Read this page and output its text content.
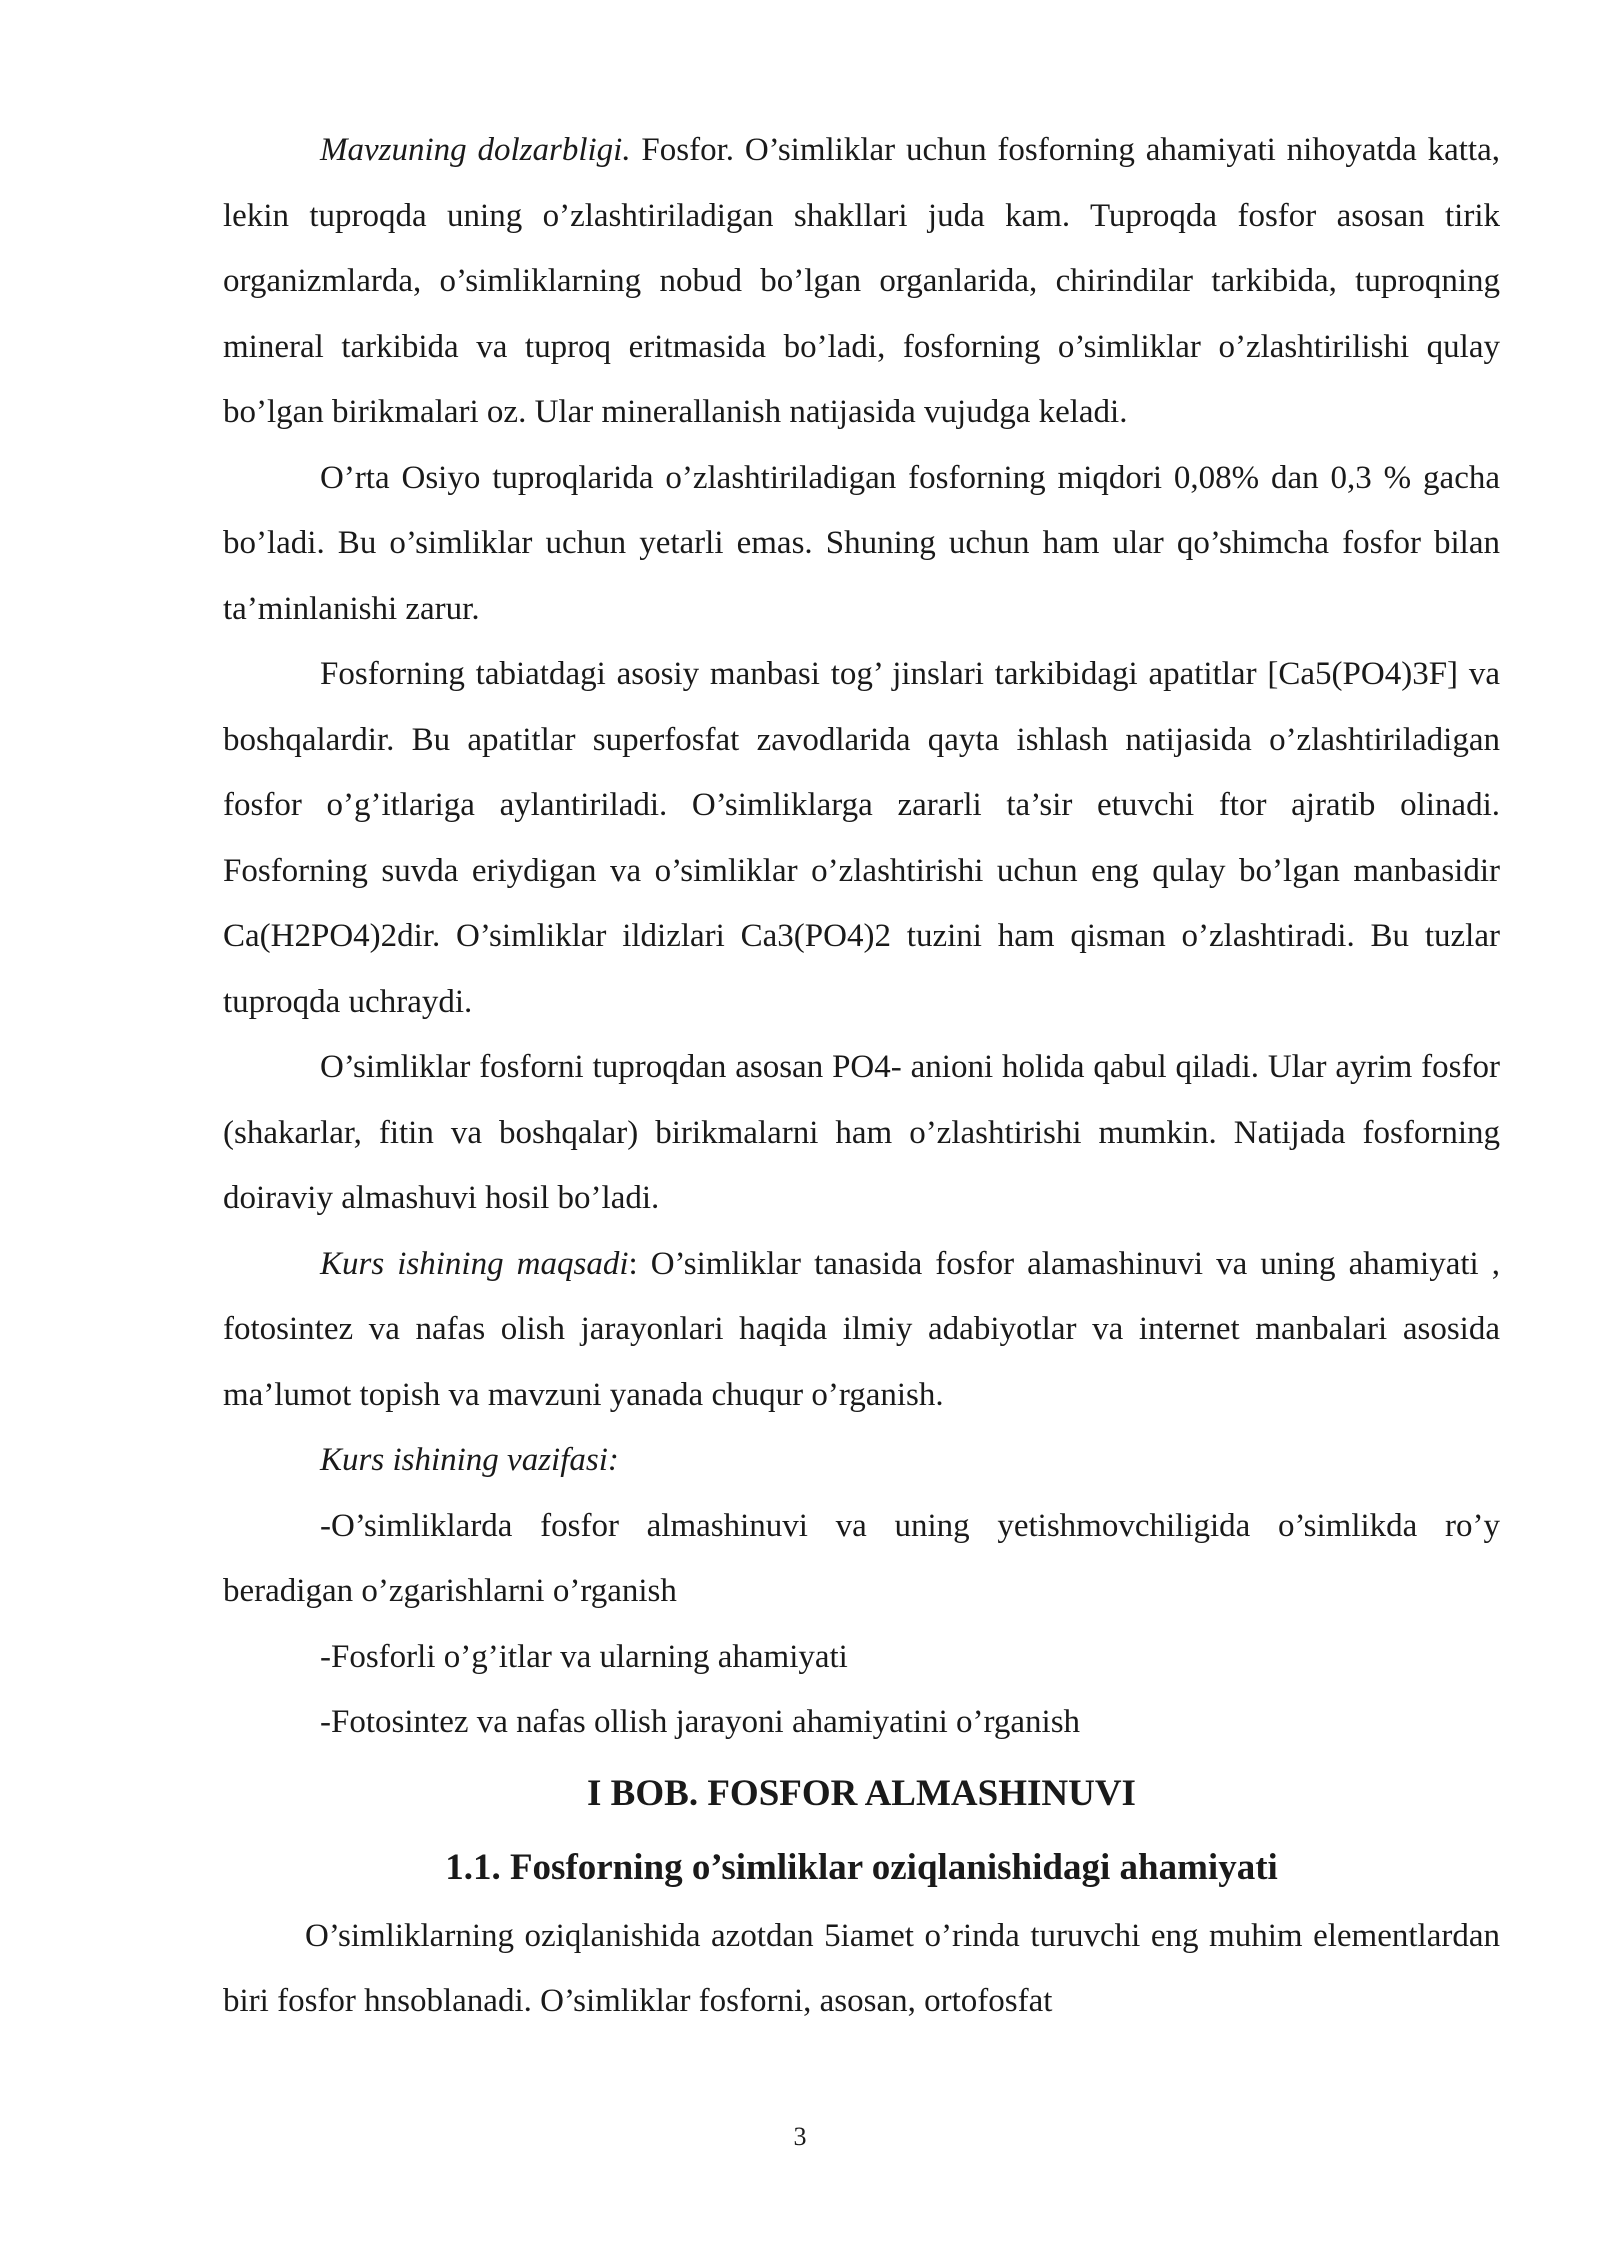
Mavzuning dolzarbligi. Fosfor. O’simliklar uchun fosforning ahamiyati nihoyatda katta, lekin tuproqda uning o’zlashtiriladigan shakllari juda kam. Tuproqda fosfor asosan tirik organizmlarda, o’simliklarning nobud bo’lgan organlarida, chirindilar tarkibida, tuproqning mineral tarkibida va tuproq eritmasida bo’ladi, fosforning o’simliklar o’zlashtirilishi qulay bo’lgan birikmalari oz. Ular minerallanish natijasida vujudga keladi.

O’rta Osiyo tuproqlarida o’zlashtiriladigan fosforning miqdori 0,08% dan 0,3 % gacha bo’ladi. Bu o’simliklar uchun yetarli emas. Shuning uchun ham ular qo’shimcha fosfor bilan ta’minlanishi zarur.

Fosforning tabiatdagi asosiy manbasi tog’ jinslari tarkibidagi apatitlar [Ca5(PO4)3F] va boshqalardir. Bu apatitlar superfosfat zavodlarida qayta ishlash natijasida o’zlashtiriladigan fosfor o’g’itlariga aylantiriladi. O’simliklarga zararli ta’sir etuvchi ftor ajratib olinadi. Fosforning suvda eriydigan va o’simliklar o’zlashtirishi uchun eng qulay bo’lgan manbasidir Ca(H2PO4)2dir. O’simliklar ildizlari Ca3(PO4)2 tuzini ham qisman o’zlashtiradi. Bu tuzlar tuproqda uchraydi.

O’simliklar fosforni tuproqdan asosan PO4- anioni holida qabul qiladi. Ular ayrim fosfor (shakarlar, fitin va boshqalar) birikmalarni ham o’zlashtirishi mumkin. Natijada fosforning doiraviy almashuvi hosil bo’ladi.

Kurs ishining maqsadi: O’simliklar tanasida fosfor alamashinuvi va uning ahamiyati , fotosintez va nafas olish jarayonlari haqida ilmiy adabiyotlar va internet manbalari asosida ma’lumot topish va mavzuni yanada chuqur o’rganish.

Kurs ishining vazifasi:

-O’simliklarda fosfor almashinuvi va uning yetishmovchiligida o’simlikda ro’y beradigan o’zgarishlarni o’rganish

-Fosforli o’g’itlar va ularning ahamiyati

-Fotosintez va nafas ollish jarayoni ahamiyatini o’rganish

I BOB. FOSFOR ALMASHINUVI
1.1. Fosforning o’simliklar oziqlanishidagi ahamiyati

O’simliklarning oziqlanishida azotdan 5iamet o’rinda turuvchi eng muhim elementlardan biri fosfor hnsoblanadi. O’simliklar fosforni, asosan, ortofosfat

3
